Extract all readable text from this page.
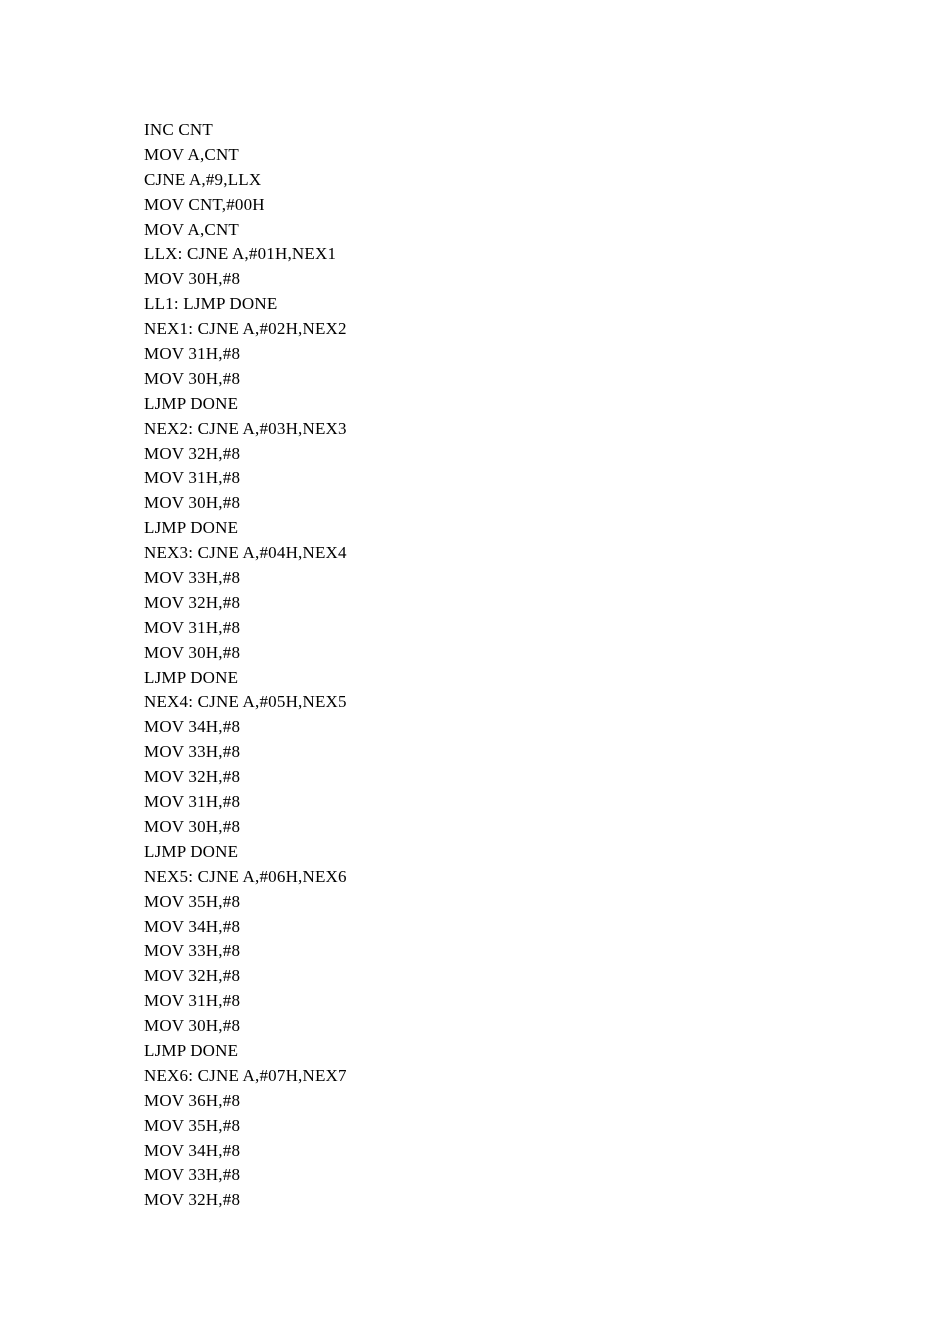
INC CNT
MOV A,CNT
CJNE A,#9,LLX
MOV CNT,#00H
MOV A,CNT
LLX: CJNE A,#01H,NEX1
MOV 30H,#8
LL1: LJMP DONE
NEX1: CJNE A,#02H,NEX2
MOV 31H,#8
MOV 30H,#8
LJMP DONE
NEX2: CJNE A,#03H,NEX3
MOV 32H,#8
MOV 31H,#8
MOV 30H,#8
LJMP DONE
NEX3: CJNE A,#04H,NEX4
MOV 33H,#8
MOV 32H,#8
MOV 31H,#8
MOV 30H,#8
LJMP DONE
NEX4: CJNE A,#05H,NEX5
MOV 34H,#8
MOV 33H,#8
MOV 32H,#8
MOV 31H,#8
MOV 30H,#8
LJMP DONE
NEX5: CJNE A,#06H,NEX6
MOV 35H,#8
MOV 34H,#8
MOV 33H,#8
MOV 32H,#8
MOV 31H,#8
MOV 30H,#8
LJMP DONE
NEX6: CJNE A,#07H,NEX7
MOV 36H,#8
MOV 35H,#8
MOV 34H,#8
MOV 33H,#8
MOV 32H,#8
